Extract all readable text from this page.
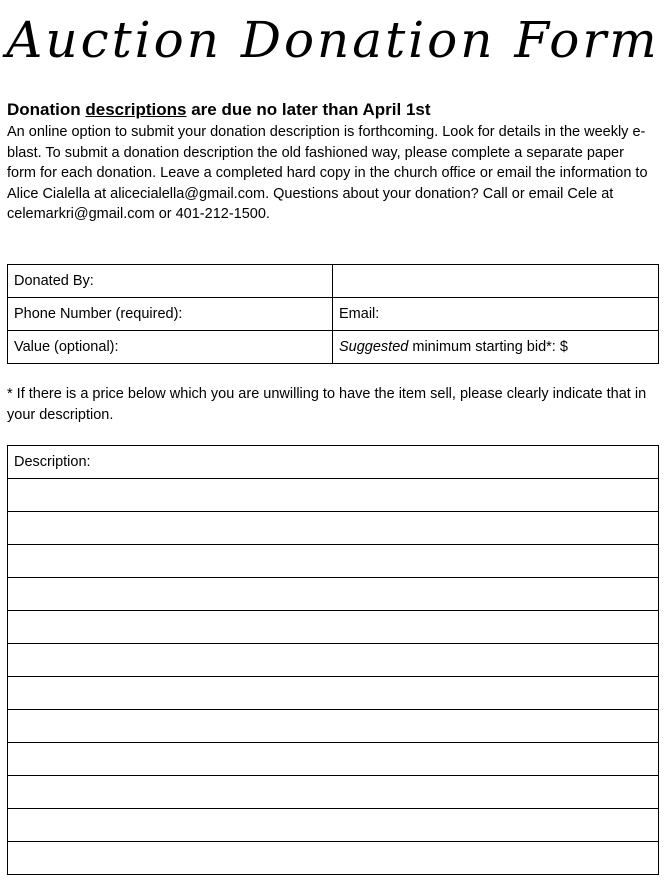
Auction Donation Form
Donation descriptions are due no later than April 1st
An online option to submit your donation description is forthcoming. Look for details in the weekly e-blast. To submit a donation description the old fashioned way, please complete a separate paper form for each donation. Leave a completed hard copy in the church office or email the information to Alice Cialella at alicecialella@gmail.com. Questions about your donation? Call or email Cele at celemarkri@gmail.com or 401-212-1500.
Donated By:	
Phone Number (required):	Email:
Value (optional):	Suggested minimum starting bid*: $
* If there is a price below which you are unwilling to have the item sell, please clearly indicate that in your description.
Description:
